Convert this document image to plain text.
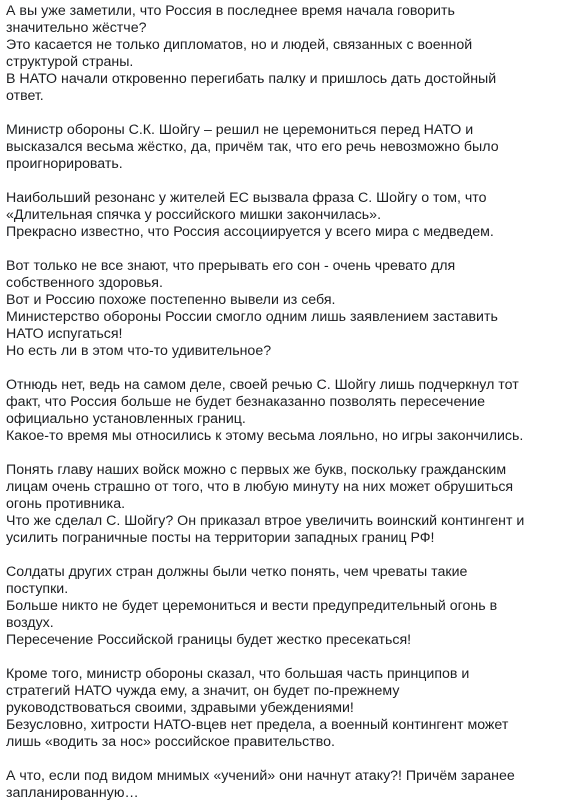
А вы уже заметили, что Россия в последнее время начала говорить
значительно жёстче?
Это касается не только дипломатов, но и людей, связанных с военной
структурой страны.
В НАТО начали откровенно перегибать палку и пришлось дать достойный
ответ.
Министр обороны С.К. Шойгу – решил не церемониться перед НАТО и
высказался весьма жёстко, да, причём так, что его речь невозможно было
проигнорировать.
Наибольший резонанс у жителей ЕС вызвала фраза С. Шойгу о том, что
«Длительная спячка у российского мишки закончилась».
Прекрасно известно, что Россия ассоциируется у всего мира с медведем.
Вот только не все знают, что прерывать его сон - очень чревато для
собственного здоровья.
Вот и Россию похоже постепенно вывели из себя.
Министерство обороны России смогло одним лишь заявлением заставить
НАТО испугаться!
Но есть ли в этом что-то удивительное?
Отнюдь нет, ведь на самом деле, своей речью С. Шойгу лишь подчеркнул тот
факт, что Россия больше не будет безнаказанно позволять пересечение
официально установленных границ.
Какое-то время мы относились к этому весьма лояльно, но игры закончились.
Понять главу наших войск можно с первых же букв, поскольку гражданским
лицам очень страшно от того, что в любую минуту на них может обрушиться
огонь противника.
Что же сделал С. Шойгу? Он приказал втрое увеличить воинский контингент и
усилить пограничные посты на территории западных границ РФ!
Солдаты других стран должны были четко понять, чем чреваты такие
поступки.
Больше никто не будет церемониться и вести предупредительный огонь в
воздух.
Пересечение Российской границы будет жестко пресекаться!
Кроме того, министр обороны сказал, что большая часть принципов и
стратегий НАТО чужда ему, а значит, он будет по-прежнему
руководствоваться своими, здравыми убеждениями!
Безусловно, хитрости НАТО-вцев нет предела, а военный контингент может
лишь «водить за нос» российское правительство.
А что, если под видом мнимых «учений» они начнут атаку?! Причём заранее
запланированную…
